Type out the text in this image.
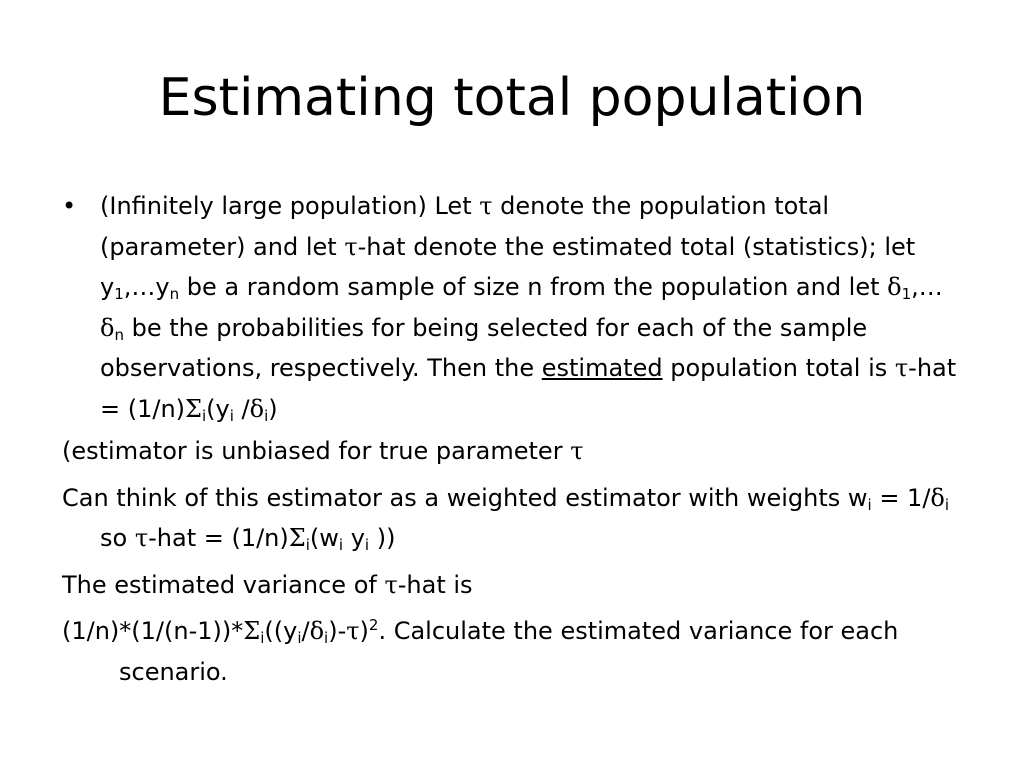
Estimating total population

• (Infinitely large population) Let τ denote the population total (parameter) and let τ-hat denote the estimated total (statistics); let $y_1,\dots y_n$ be a random sample of size n from the population and let $\delta_1,\dots\delta_n$ be the probabilities for being selected for each of the sample observations, respectively. Then the estimated population total is $\tau-hat = (1/n)\Sigma_i(y_i$ $/\delta_i$)

(estimator is unbiased for true parameter τ

Can think of this estimator as a weighted estimator with weights $w_i = 1/\delta_i$ so $\tau-hat = (1/n)\Sigma_i(w_i$ $y_i$ ))

The estimated variance of τ-hat is

$(1/n)*(1/(n-1))*\Sigma_i((y_i/\delta_i)-\tau)^2$. Calculate the estimated variance for each scenario.
